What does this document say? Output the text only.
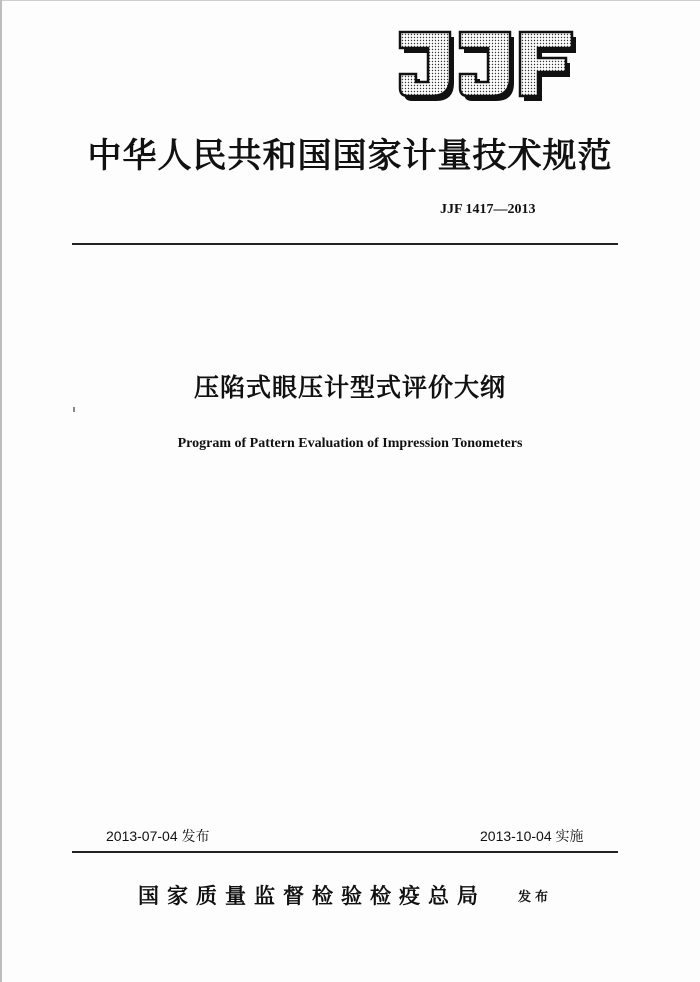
中华人民共和国国家计量技术规范
JJF 1417—2013
压陷式眼压计型式评价大纲
Program of Pattern Evaluation of Impression Tonometers
2013-07-04 发布	2013-10-04 实施
国家质量监督检验检疫总局 发布
